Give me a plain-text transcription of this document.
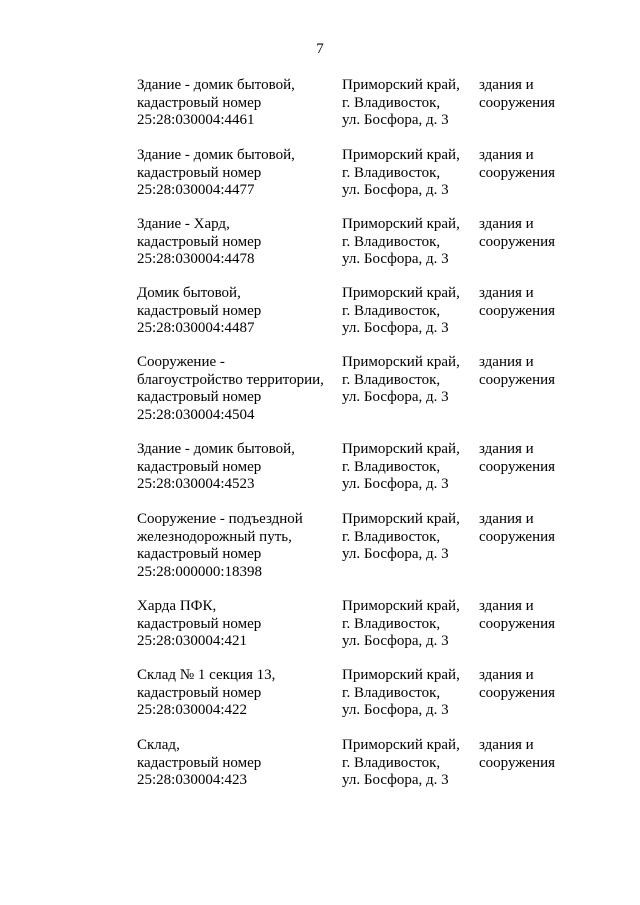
7
Здание - домик бытовой,
кадастровый номер
25:28:030004:4461
Приморский край,
г. Владивосток,
ул. Босфора, д. 3
здания и
сооружения
Здание - домик бытовой,
кадастровый номер
25:28:030004:4477
Приморский край,
г. Владивосток,
ул. Босфора, д. 3
здания и
сооружения
Здание - Хард,
кадастровый номер
25:28:030004:4478
Приморский край,
г. Владивосток,
ул. Босфора, д. 3
здания и
сооружения
Домик бытовой,
кадастровый номер
25:28:030004:4487
Приморский край,
г. Владивосток,
ул. Босфора, д. 3
здания и
сооружения
Сооружение -
благоустройство территории,
кадастровый номер
25:28:030004:4504
Приморский край,
г. Владивосток,
ул. Босфора, д. 3
здания и
сооружения
Здание - домик бытовой,
кадастровый номер
25:28:030004:4523
Приморский край,
г. Владивосток,
ул. Босфора, д. 3
здания и
сооружения
Сооружение - подъездной
железнодорожный путь,
кадастровый номер
25:28:000000:18398
Приморский край,
г. Владивосток,
ул. Босфора, д. 3
здания и
сооружения
Харда ПФК,
кадастровый номер
25:28:030004:421
Приморский край,
г. Владивосток,
ул. Босфора, д. 3
здания и
сооружения
Склад № 1 секция 13,
кадастровый номер
25:28:030004:422
Приморский край,
г. Владивосток,
ул. Босфора, д. 3
здания и
сооружения
Склад,
кадастровый номер
25:28:030004:423
Приморский край,
г. Владивосток,
ул. Босфора, д. 3
здания и
сооружения
